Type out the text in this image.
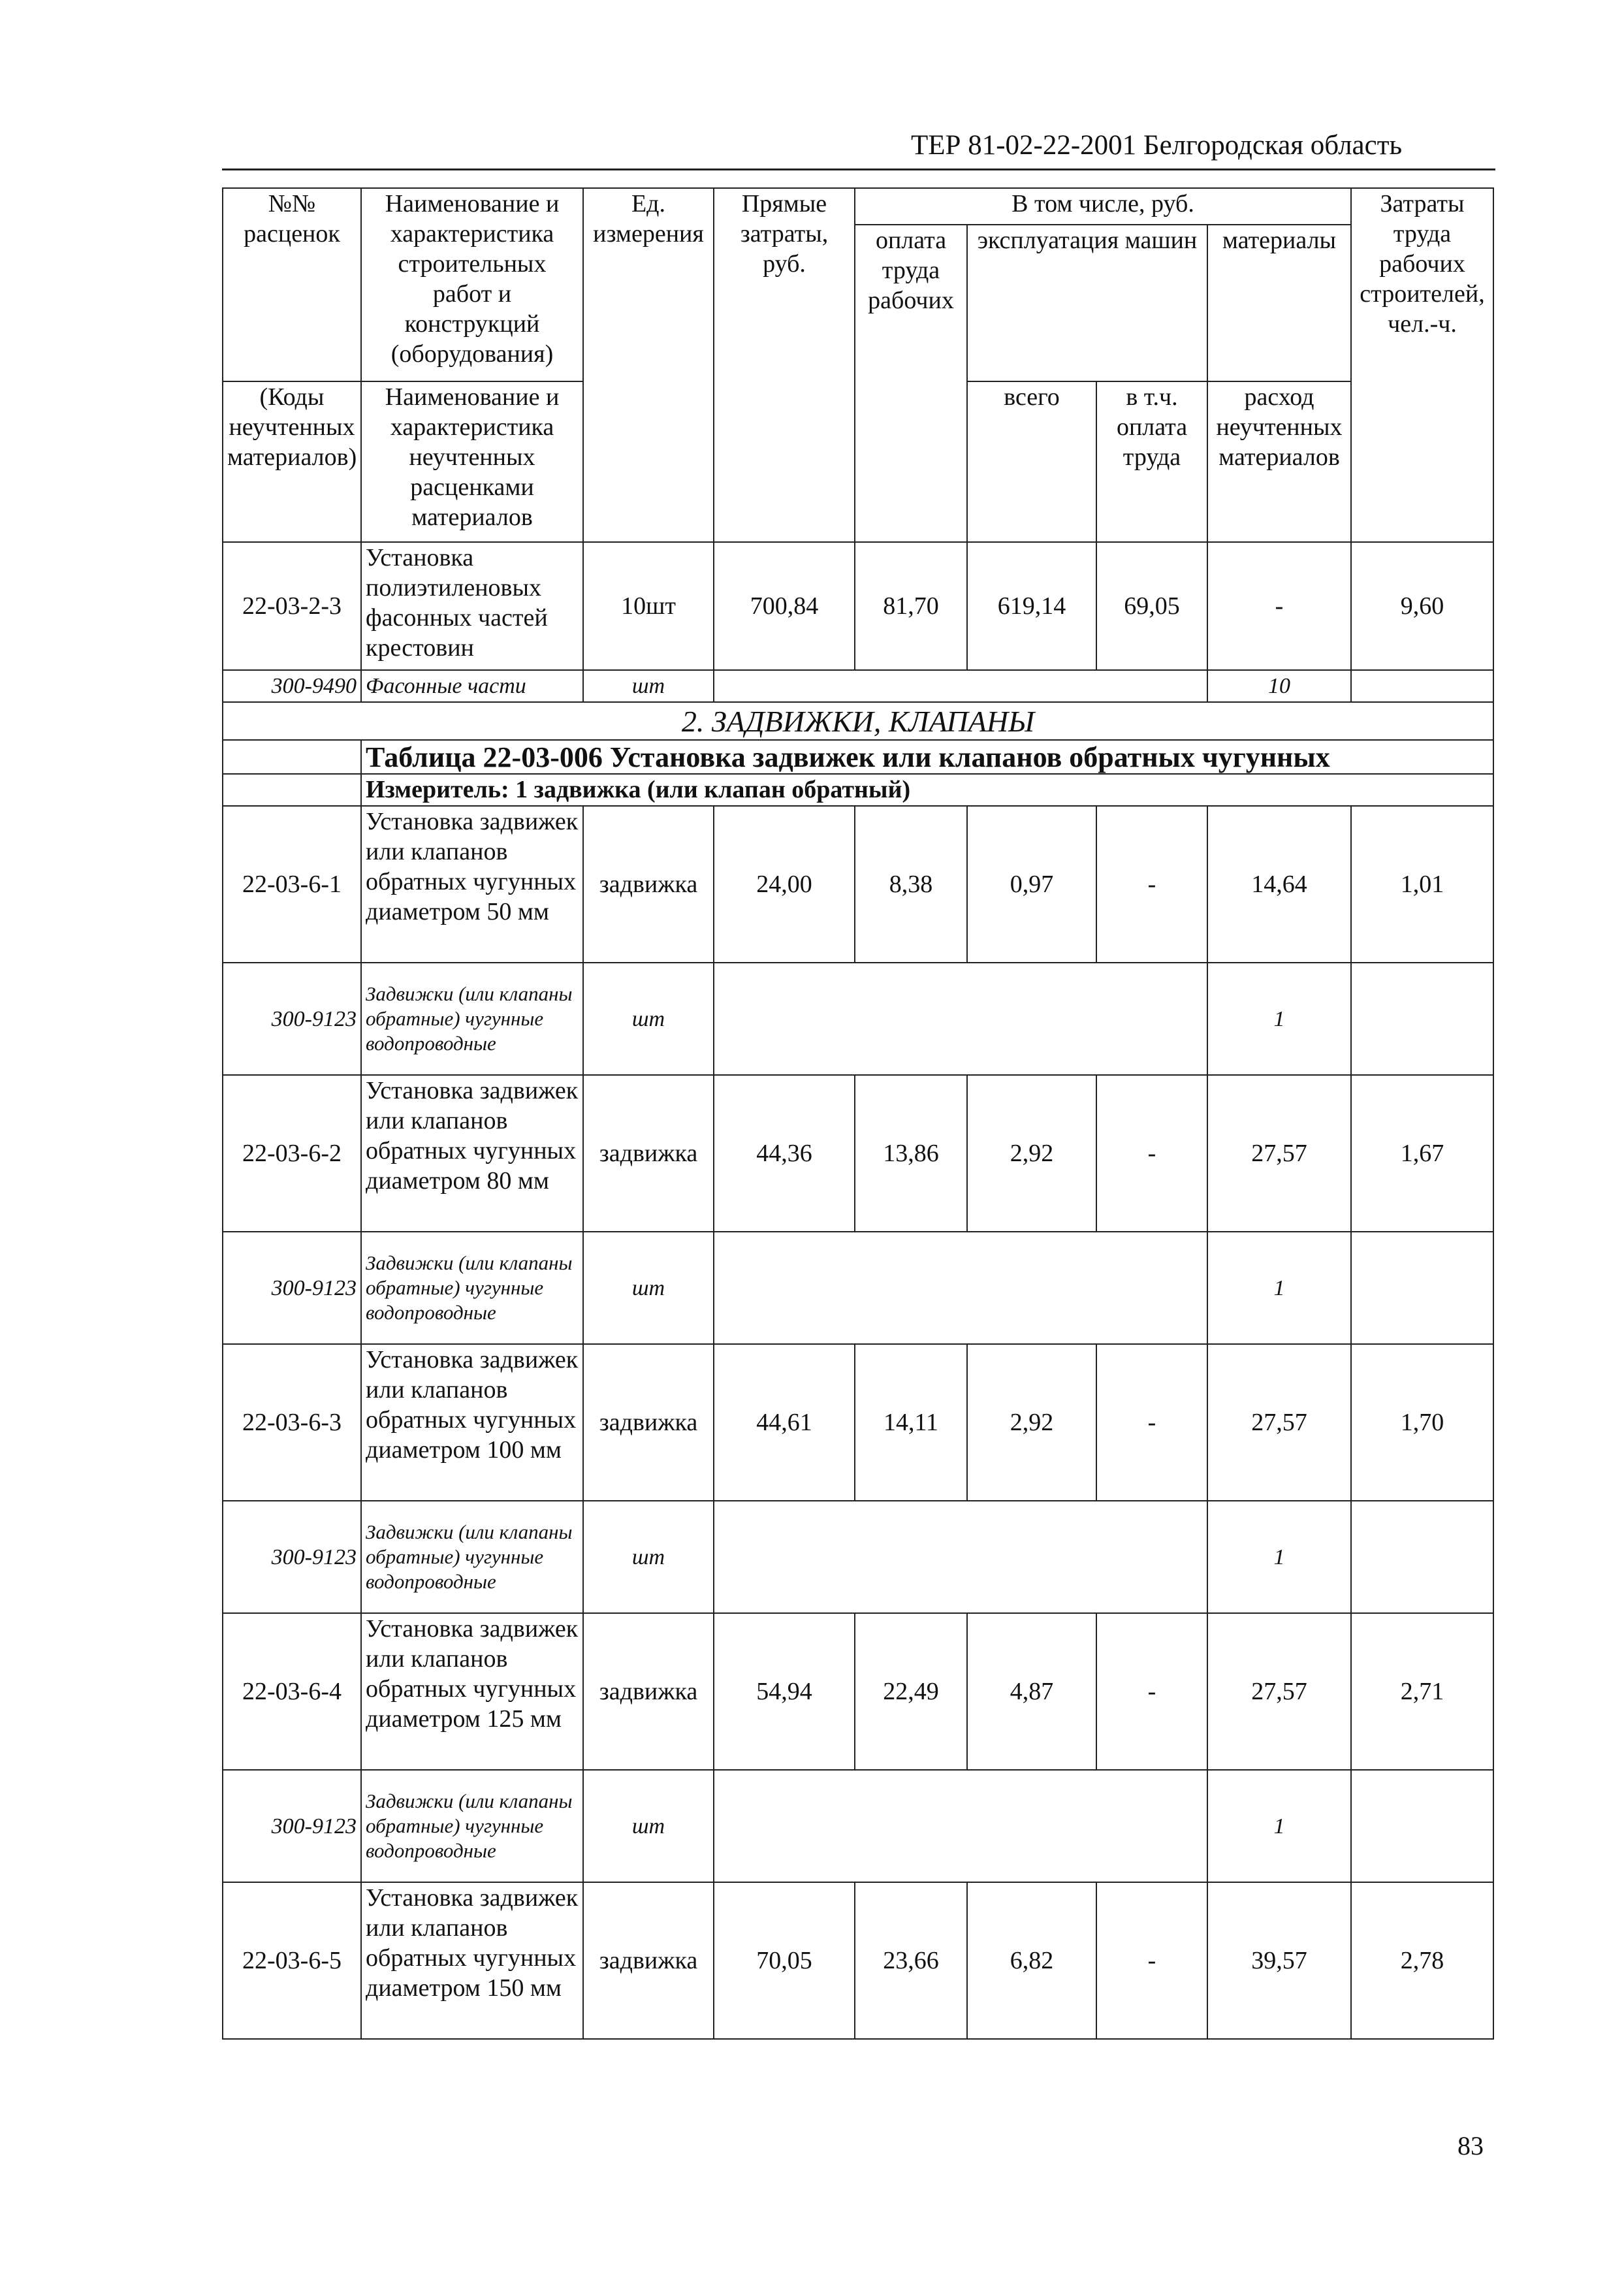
ТЕР 81-02-22-2001 Белгородская область
№№ расценок	Наименование и характеристика строительных работ и конструкций (оборудования)	Ед. измерения	Прямые затраты, руб.	В том числе, руб.				Затраты труда рабочих строителей, чел.-ч.
				оплата труда рабочих	эксплуатация машин		материалы	
(Коды неучтенных материалов)	Наименование и характеристика неучтенных расценками материалов				всего	в т.ч. оплата труда	расход неучтенных материалов	

22-03-2-3	Установка полиэтиленовых фасонных частей крестовин	10шт	700,84	81,70	619,14	69,05	-	9,60
300-9490	Фасонные части	шт					10	
2. ЗАДВИЖКИ, КЛАПАНЫ								
	Таблица 22-03-006 Установка задвижек или клапанов обратных чугунных							
	Измеритель: 1 задвижка (или клапан обратный)							
22-03-6-1	Установка задвижек или клапанов обратных чугунных диаметром 50 мм	задвижка	24,00	8,38	0,97	-	14,64	1,01
300-9123	Задвижки (или клапаны обратные) чугунные водопроводные	шт					1	
22-03-6-2	Установка задвижек или клапанов обратных чугунных диаметром 80 мм	задвижка	44,36	13,86	2,92	-	27,57	1,67
300-9123	Задвижки (или клапаны обратные) чугунные водопроводные	шт					1	
22-03-6-3	Установка задвижек или клапанов обратных чугунных диаметром 100 мм	задвижка	44,61	14,11	2,92	-	27,57	1,70
300-9123	Задвижки (или клапаны обратные) чугунные водопроводные	шт					1	
22-03-6-4	Установка задвижек или клапанов обратных чугунных диаметром 125 мм	задвижка	54,94	22,49	4,87	-	27,57	2,71
300-9123	Задвижки (или клапаны обратные) чугунные водопроводные	шт					1	
22-03-6-5	Установка задвижек или клапанов обратных чугунных диаметром 150 мм	задвижка	70,05	23,66	6,82	-	39,57	2,78
83
